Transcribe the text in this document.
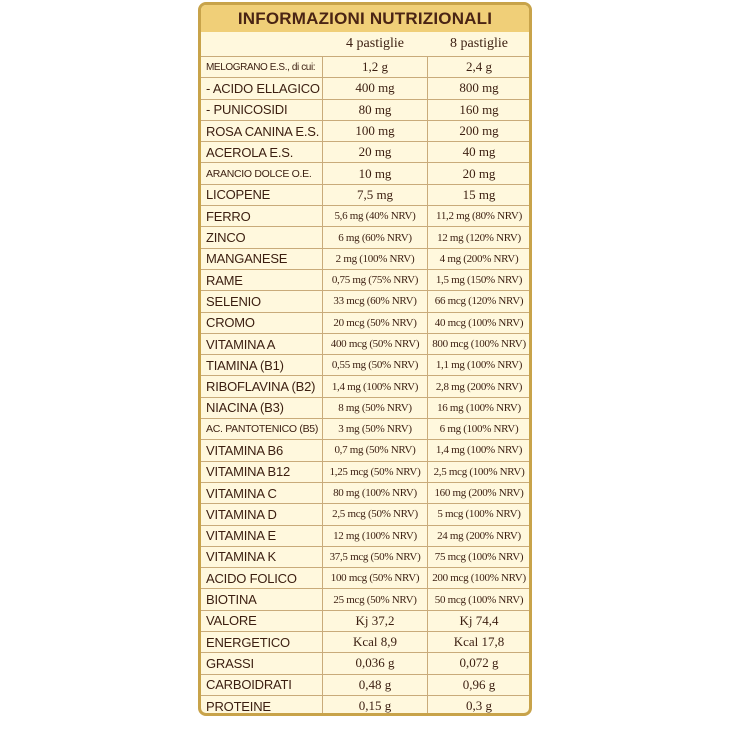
INFORMAZIONI NUTRIZIONALI
4 pastiglie	8 pastiglie
MELOGRANO E.S., di cui:	1,2 g	2,4 g
- ACIDO ELLAGICO	400 mg	800 mg
- PUNICOSIDI	80 mg	160 mg
ROSA CANINA E.S.	100 mg	200 mg
ACEROLA E.S.	20 mg	40 mg
ARANCIO DOLCE O.E.	10 mg	20 mg
LICOPENE	7,5 mg	15 mg
FERRO	5,6 mg (40% NRV)	11,2 mg (80% NRV)
ZINCO	6 mg (60% NRV)	12 mg (120% NRV)
MANGANESE	2 mg (100% NRV)	4 mg (200% NRV)
RAME	0,75 mg (75% NRV)	1,5 mg (150% NRV)
SELENIO	33 mcg (60% NRV)	66 mcg (120% NRV)
CROMO	20 mcg (50% NRV)	40 mcg (100% NRV)
VITAMINA A	400 mcg (50% NRV)	800 mcg (100% NRV)
TIAMINA (B1)	0,55 mg (50% NRV)	1,1 mg (100% NRV)
RIBOFLAVINA (B2)	1,4 mg (100% NRV)	2,8 mg (200% NRV)
NIACINA (B3)	8 mg (50% NRV)	16 mg (100% NRV)
AC. PANTOTENICO (B5)	3 mg (50% NRV)	6 mg (100% NRV)
VITAMINA B6	0,7 mg (50% NRV)	1,4 mg (100% NRV)
VITAMINA B12	1,25 mcg (50% NRV)	2,5 mcg (100% NRV)
VITAMINA C	80 mg (100% NRV)	160 mg (200% NRV)
VITAMINA D	2,5 mcg (50% NRV)	5 mcg (100% NRV)
VITAMINA E	12 mg (100% NRV)	24 mg (200% NRV)
VITAMINA K	37,5 mcg (50% NRV)	75 mcg (100% NRV)
ACIDO FOLICO	100 mcg (50% NRV)	200 mcg (100% NRV)
BIOTINA	25 mcg (50% NRV)	50 mcg (100% NRV)
VALORE	Kj 37,2	Kj 74,4
ENERGETICO	Kcal 8,9	Kcal 17,8
GRASSI	0,036 g	0,072 g
CARBOIDRATI	0,48 g	0,96 g
PROTEINE	0,15 g	0,3 g
